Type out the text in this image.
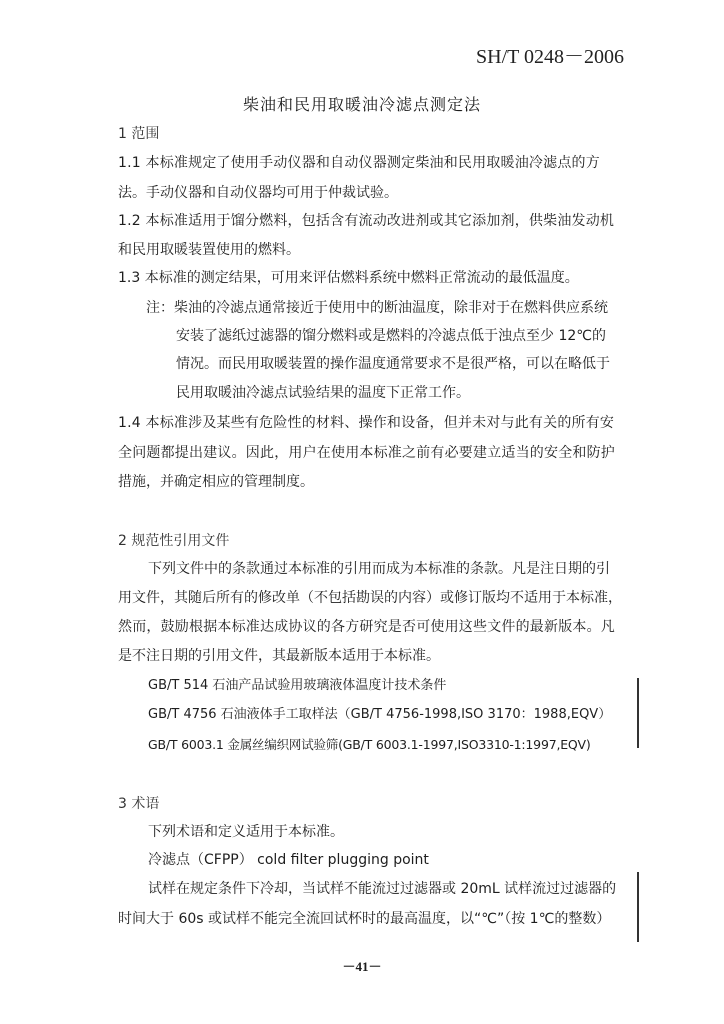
SH/T 0248－2006
柴油和民用取暖油冷滤点测定法
1 范围
1.1 本标准规定了使用手动仪器和自动仪器测定柴油和民用取暖油冷滤点的方
法。手动仪器和自动仪器均可用于仲裁试验。
1.2 本标准适用于馏分燃料，包括含有流动改进剂或其它添加剂，供柴油发动机
和民用取暖装置使用的燃料。
1.3 本标准的测定结果，可用来评估燃料系统中燃料正常流动的最低温度。
注：柴油的冷滤点通常接近于使用中的断油温度，除非对于在燃料供应系统
安装了滤纸过滤器的馏分燃料或是燃料的冷滤点低于浊点至少 12℃的
情况。而民用取暖装置的操作温度通常要求不是很严格，可以在略低于
民用取暖油冷滤点试验结果的温度下正常工作。
1.4 本标准涉及某些有危险性的材料、操作和设备，但并未对与此有关的所有安
全问题都提出建议。因此，用户在使用本标准之前有必要建立适当的安全和防护
措施，并确定相应的管理制度。
2 规范性引用文件
下列文件中的条款通过本标准的引用而成为本标准的条款。凡是注日期的引
用文件，其随后所有的修改单（不包括勘误的内容）或修订版均不适用于本标准，
然而，鼓励根据本标准达成协议的各方研究是否可使用这些文件的最新版本。凡
是不注日期的引用文件，其最新版本适用于本标准。
GB/T 514 石油产品试验用玻璃液体温度计技术条件
GB/T 4756 石油液体手工取样法（GB/T 4756-1998,ISO 3170：1988,EQV）
GB/T 6003.1 金属丝编织网试验筛(GB/T 6003.1-1997,ISO3310-1:1997,EQV)
3 术语
下列术语和定义适用于本标准。
冷滤点（CFPP） cold filter plugging point
试样在规定条件下冷却，当试样不能流过过滤器或 20mL 试样流过过滤器的
时间大于 60s 或试样不能完全流回试杯时的最高温度，以“℃”（按 1℃的整数）
－41－
